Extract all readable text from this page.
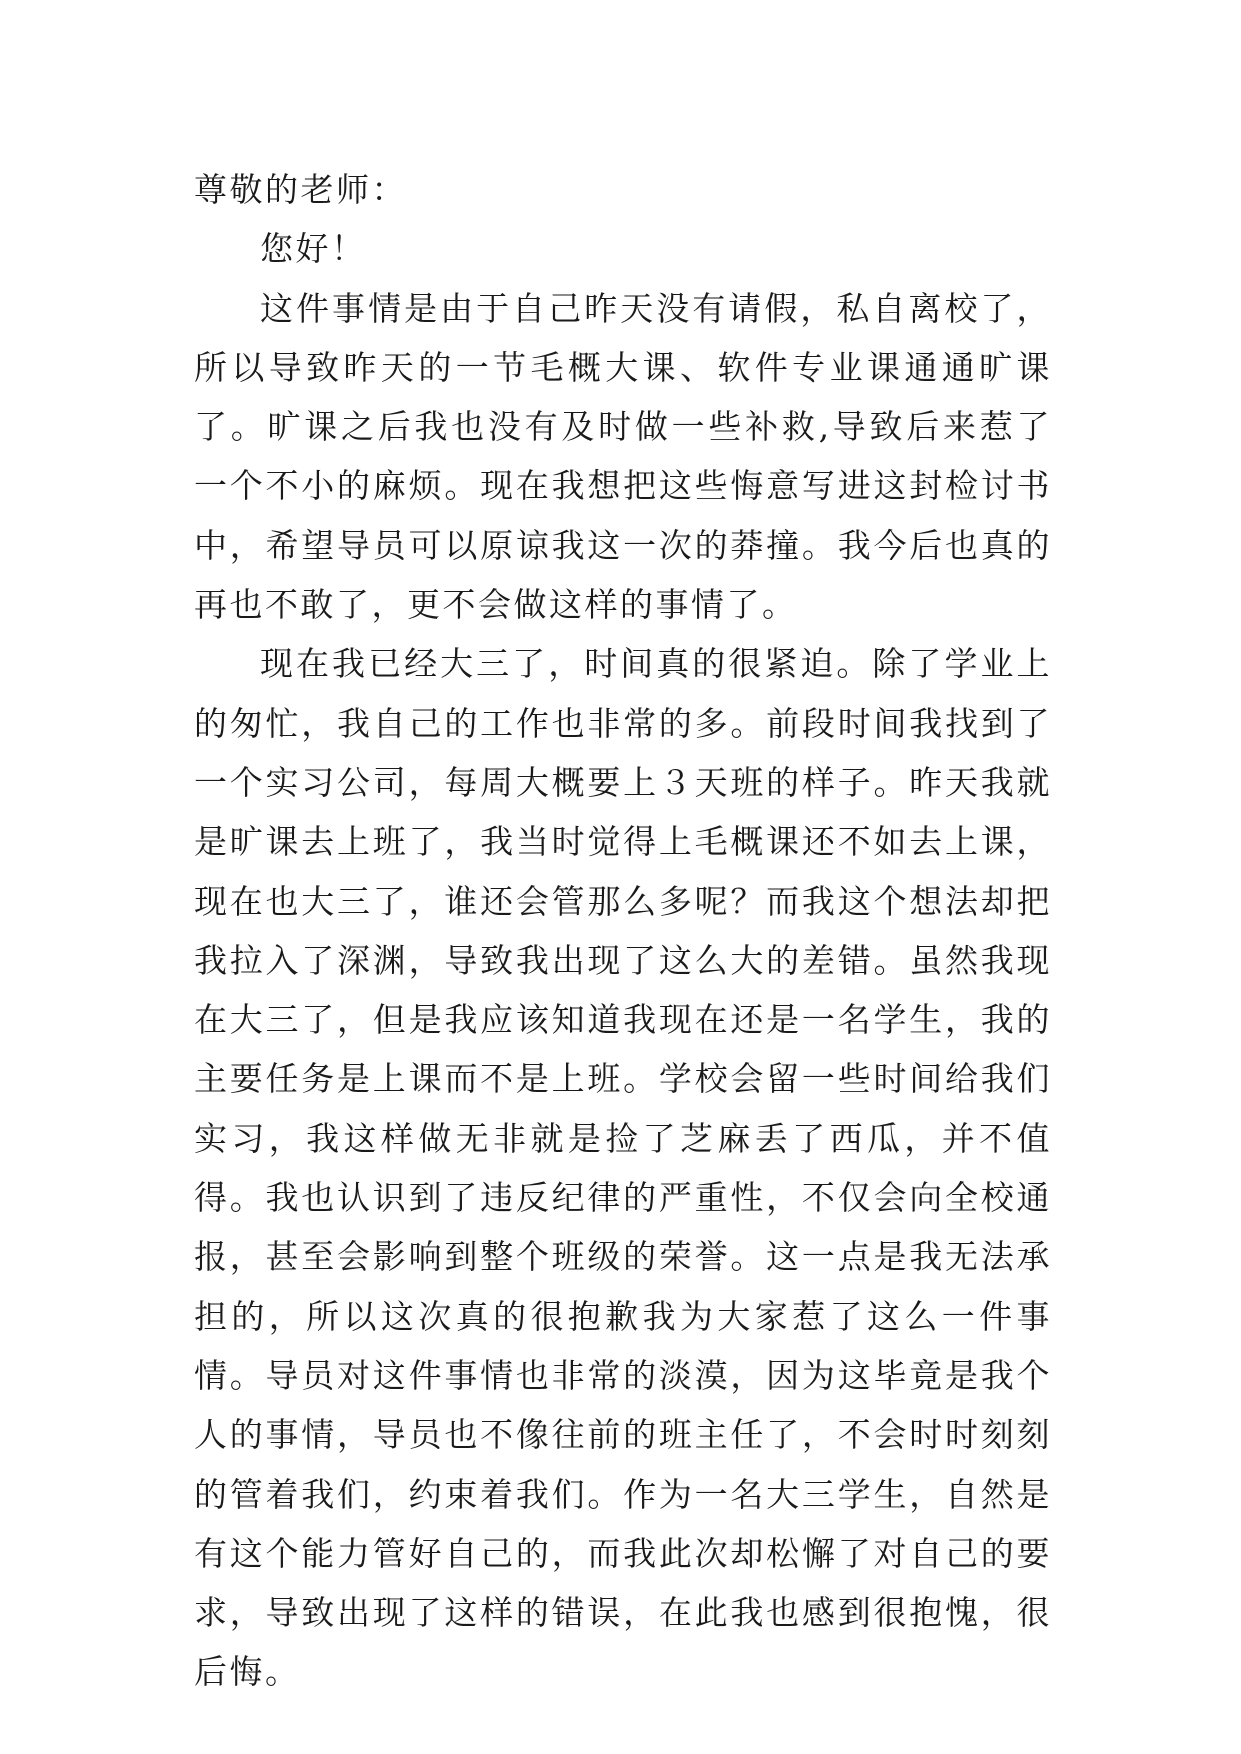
尊敬的老师：

您好！

这件事情是由于自己昨天没有请假，私自离校了，所以导致昨天的一节毛概大课、软件专业课通通旷课了。旷课之后我也没有及时做一些补救,导致后来惹了一个不小的麻烦。现在我想把这些悔意写进这封检讨书中，希望导员可以原谅我这一次的莽撞。我今后也真的再也不敢了，更不会做这样的事情了。

现在我已经大三了，时间真的很紧迫。除了学业上的匆忙，我自己的工作也非常的多。前段时间我找到了一个实习公司，每周大概要上３天班的样子。昨天我就是旷课去上班了，我当时觉得上毛概课还不如去上课，现在也大三了，谁还会管那么多呢？而我这个想法却把我拉入了深渊，导致我出现了这么大的差错。虽然我现在大三了，但是我应该知道我现在还是一名学生，我的主要任务是上课而不是上班。学校会留一些时间给我们实习，我这样做无非就是捡了芝麻丢了西瓜，并不值得。我也认识到了违反纪律的严重性，不仅会向全校通报，甚至会影响到整个班级的荣誉。这一点是我无法承担的，所以这次真的很抱歉我为大家惹了这么一件事情。导员对这件事情也非常的淡漠，因为这毕竟是我个人的事情，导员也不像往前的班主任了，不会时时刻刻的管着我们，约束着我们。作为一名大三学生，自然是有这个能力管好自己的，而我此次却松懈了对自己的要求，导致出现了这样的错误，在此我也感到很抱愧，很后悔。
